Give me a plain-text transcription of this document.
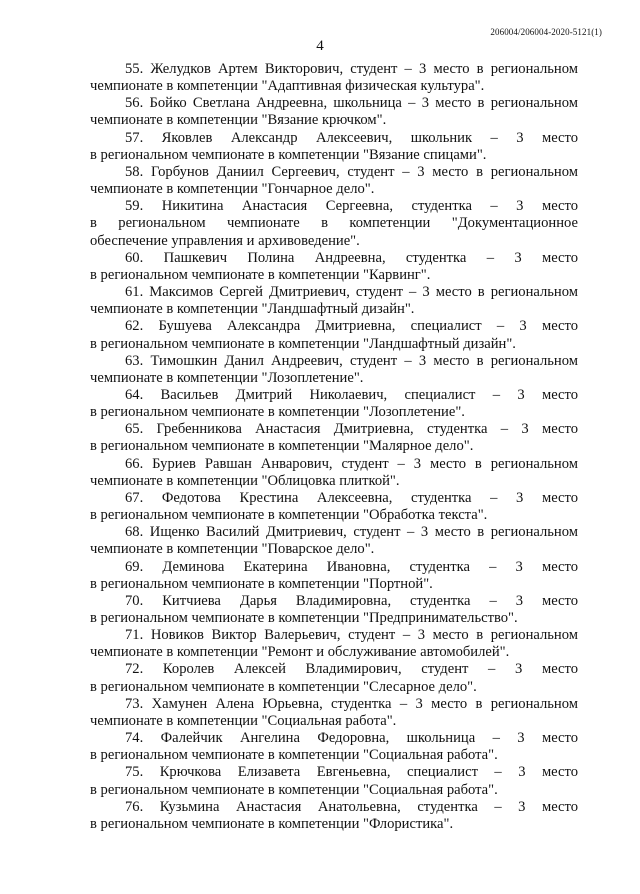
206004/206004-2020-5121(1)
4

55. Желудков Артем Викторович, студент – 3 место в региональном
чемпионате в компетенции "Адаптивная физическая культура".

56. Бойко Светлана Андреевна, школьница – 3 место в региональном
чемпионате в компетенции "Вязание крючком".

57. Яковлев Александр Алексеевич, школьник – 3 место
в региональном чемпионате в компетенции "Вязание спицами".

58. Горбунов Даниил Сергеевич, студент – 3 место в региональном
чемпионате в компетенции "Гончарное дело".

59. Никитина Анастасия Сергеевна, студентка – 3 место
в региональном чемпионате в компетенции "Документационное
обеспечение управления и архивоведение".

60. Пашкевич Полина Андреевна, студентка – 3 место
в региональном чемпионате в компетенции "Карвинг".

61. Максимов Сергей Дмитриевич, студент – 3 место в региональном
чемпионате в компетенции "Ландшафтный дизайн".

62. Бушуева Александра Дмитриевна, специалист – 3 место
в региональном чемпионате в компетенции "Ландшафтный дизайн".

63. Тимошкин Данил Андреевич, студент – 3 место в региональном
чемпионате в компетенции "Лозоплетение".

64. Васильев Дмитрий Николаевич, специалист – 3 место
в региональном чемпионате в компетенции "Лозоплетение".

65. Гребенникова Анастасия Дмитриевна, студентка – 3 место
в региональном чемпионате в компетенции "Малярное дело".

66. Буриев Равшан Анварович, студент – 3 место в региональном
чемпионате в компетенции "Облицовка плиткой".

67. Федотова Крестина Алексеевна, студентка – 3 место
в региональном чемпионате в компетенции "Обработка текста".

68. Ищенко Василий Дмитриевич, студент – 3 место в региональном
чемпионате в компетенции "Поварское дело".

69. Деминова Екатерина Ивановна, студентка – 3 место
в региональном чемпионате в компетенции "Портной".

70. Китчиева Дарья Владимировна, студентка – 3 место
в региональном чемпионате в компетенции "Предпринимательство".

71. Новиков Виктор Валерьевич, студент – 3 место в региональном
чемпионате в компетенции "Ремонт и обслуживание автомобилей".

72. Королев Алексей Владимирович, студент – 3 место
в региональном чемпионате в компетенции "Слесарное дело".

73. Хамунен Алена Юрьевна, студентка – 3 место в региональном
чемпионате в компетенции "Социальная работа".

74. Фалейчик Ангелина Федоровна, школьница – 3 место
в региональном чемпионате в компетенции "Социальная работа".

75. Крючкова Елизавета Евгеньевна, специалист – 3 место
в региональном чемпионате в компетенции "Социальная работа".

76. Кузьмина Анастасия Анатольевна, студентка – 3 место
в региональном чемпионате в компетенции "Флористика".
